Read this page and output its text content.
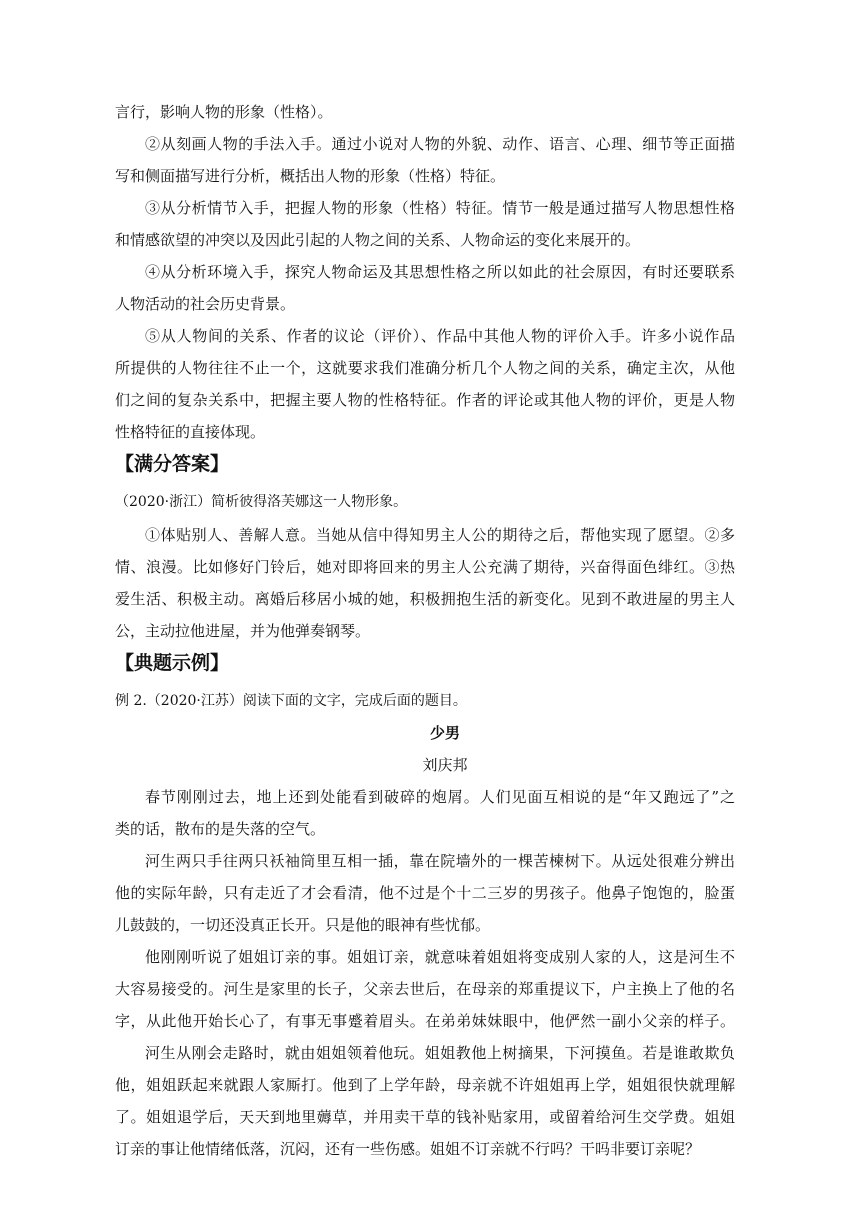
言行，影响人物的形象（性格）。

②从刻画人物的手法入手。通过小说对人物的外貌、动作、语言、心理、细节等正面描

写和侧面描写进行分析，概括出人物的形象（性格）特征。

③从分析情节入手，把握人物的形象（性格）特征。情节一般是通过描写人物思想性格

和情感欲望的冲突以及因此引起的人物之间的关系、人物命运的变化来展开的。

④从分析环境入手，探究人物命运及其思想性格之所以如此的社会原因，有时还要联系

人物活动的社会历史背景。

⑤从人物间的关系、作者的议论（评价）、作品中其他人物的评价入手。许多小说作品

所提供的人物往往不止一个，这就要求我们准确分析几个人物之间的关系，确定主次，从他

们之间的复杂关系中，把握主要人物的性格特征。作者的评论或其他人物的评价，更是人物

性格特征的直接体现。

【满分答案】

（2020·浙江）简析彼得洛芙娜这一人物形象。

①体贴别人、善解人意。当她从信中得知男主人公的期待之后，帮他实现了愿望。②多

情、浪漫。比如修好门铃后，她对即将回来的男主人公充满了期待，兴奋得面色绯红。③热

爱生活、积极主动。离婚后移居小城的她，积极拥抱生活的新变化。见到不敢进屋的男主人

公，主动拉他进屋，并为他弹奏钢琴。

【典题示例】

例 2.（2020·江苏）阅读下面的文字，完成后面的题目。

少男

刘庆邦

春节刚刚过去，地上还到处能看到破碎的炮屑。人们见面互相说的是“年又跑远了”之

类的话，散布的是失落的空气。

河生两只手往两只袄袖筒里互相一插，靠在院墙外的一棵苦楝树下。从远处很难分辨出

他的实际年龄，只有走近了才会看清，他不过是个十二三岁的男孩子。他鼻子饱饱的，脸蛋

儿鼓鼓的，一切还没真正长开。只是他的眼神有些忧郁。

他刚刚听说了姐姐订亲的事。姐姐订亲，就意味着姐姐将变成别人家的人，这是河生不

大容易接受的。河生是家里的长子，父亲去世后，在母亲的郑重提议下，户主换上了他的名

字，从此他开始长心了，有事无事蹙着眉头。在弟弟妹妹眼中，他俨然一副小父亲的样子。

河生从刚会走路时，就由姐姐领着他玩。姐姐教他上树摘果，下河摸鱼。若是谁敢欺负

他，姐姐跃起来就跟人家厮打。他到了上学年龄，母亲就不许姐姐再上学，姐姐很快就理解

了。姐姐退学后，天天到地里薅草，并用卖干草的钱补贴家用，或留着给河生交学费。姐姐

订亲的事让他情绪低落，沉闷，还有一些伤感。姐姐不订亲就不行吗？干吗非要订亲呢？
